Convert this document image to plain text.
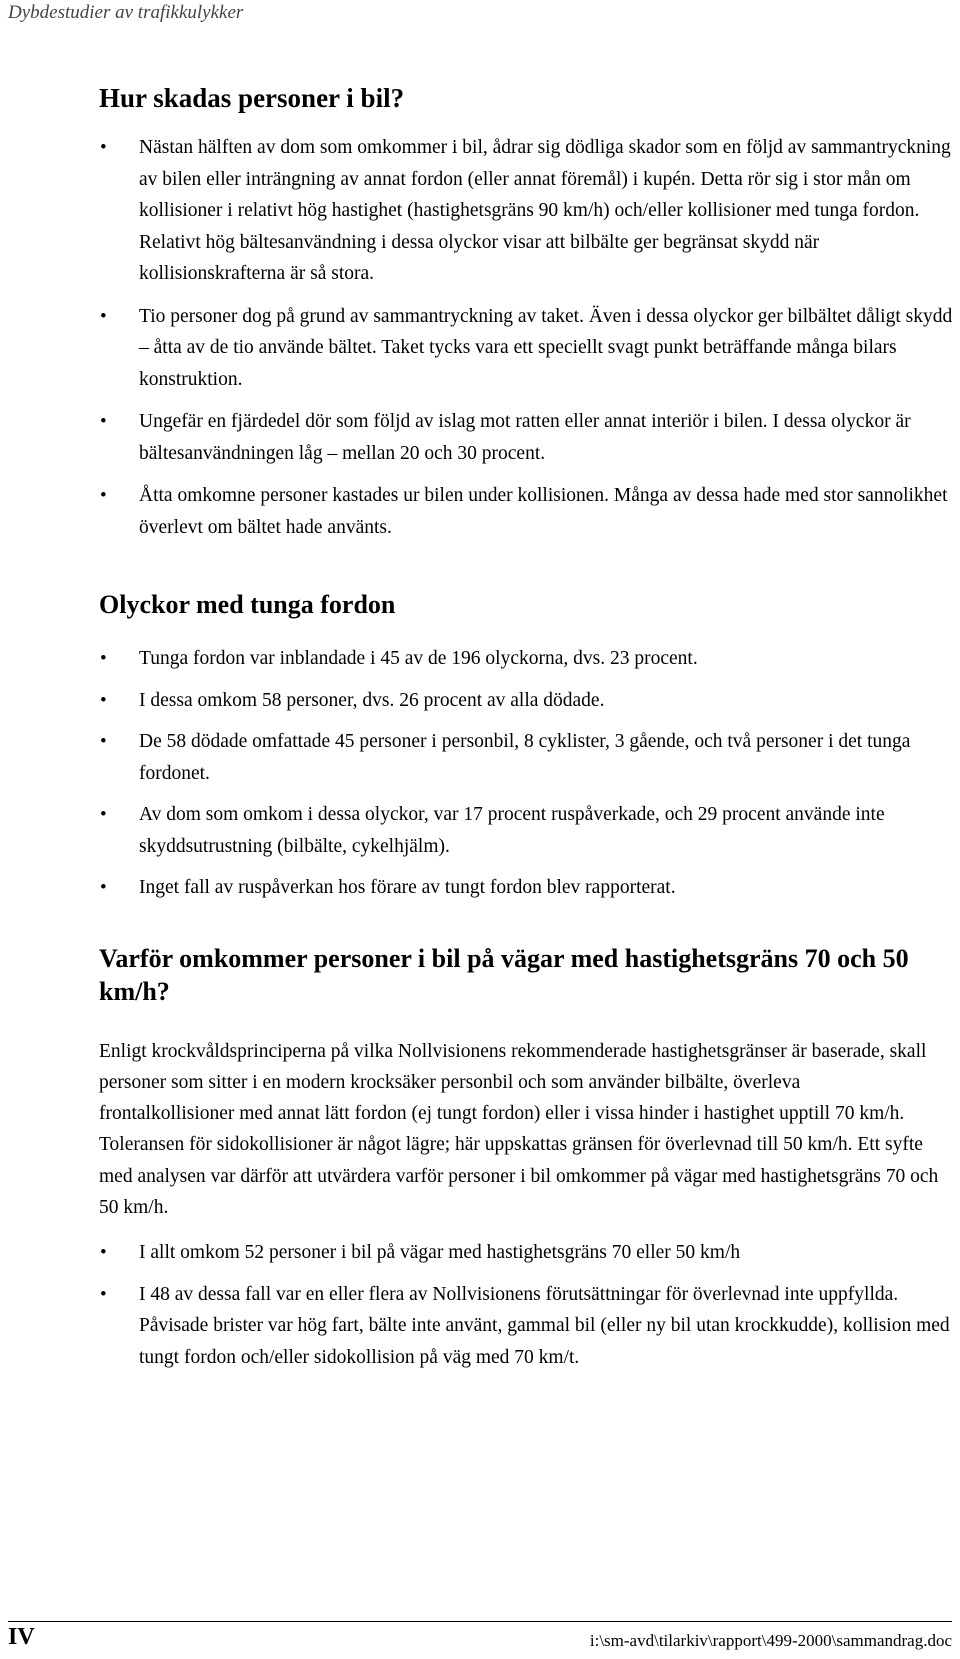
Dybdestudier av trafikkulykker
Hur skadas personer i bil?
• Nästan hälften av dom som omkommer i bil, ådrar sig dödliga skador som en följd av sammantryckning av bilen eller inträngning av annat fordon (eller annat föremål) i kupén. Detta rör sig i stor mån om kollisioner i relativt hög hastighet (hastighetsgräns 90 km/h) och/eller kollisioner med tunga fordon. Relativt hög bältesanvändning i dessa olyckor visar att bilbälte ger begränsat skydd när kollisionskrafterna är så stora.
• Tio personer dog på grund av sammantryckning av taket. Även i dessa olyckor ger bilbältet dåligt skydd – åtta av de tio använde bältet. Taket tycks vara ett speciellt svagt punkt beträffande många bilars konstruktion.
• Ungefär en fjärdedel dör som följd av islag mot ratten eller annat interiör i bilen. I dessa olyckor är bältesanvändningen låg – mellan 20 och 30 procent.
• Åtta omkomne personer kastades ur bilen under kollisionen. Många av dessa hade med stor sannolikhet överlevt om bältet hade använts.
Olyckor med tunga fordon
• Tunga fordon var inblandade i 45 av de 196 olyckorna, dvs. 23 procent.
• I dessa omkom 58 personer, dvs. 26 procent av alla dödade.
• De 58 dödade omfattade 45 personer i personbil, 8 cyklister, 3 gående, och två personer i det tunga fordonet.
• Av dom som omkom i dessa olyckor, var 17 procent ruspåverkade, och 29 procent använde inte skyddsutrustning (bilbälte, cykelhjälm).
• Inget fall av ruspåverkan hos förare av tungt fordon blev rapporterat.
Varför omkommer personer i bil på vägar med hastighetsgräns 70 och 50 km/h?

Enligt krockvåldsprinciperna på vilka Nollvisionens rekommenderade hastighetsgränser är baserade, skall personer som sitter i en modern krocksäker personbil och som använder bilbälte, överleva frontalkollisioner med annat lätt fordon (ej tungt fordon) eller i vissa hinder i hastighet upptill 70 km/h. Toleransen för sidokollisioner är något lägre; här uppskattas gränsen för överlevnad till 50 km/h. Ett syfte med analysen var därför att utvärdera varför personer i bil omkommer på vägar med hastighetsgräns 70 och 50 km/h.

• I allt omkom 52 personer i bil på vägar med hastighetsgräns 70 eller 50 km/h
• I 48 av dessa fall var en eller flera av Nollvisionens förutsättningar för överlevnad inte uppfyllda. Påvisade brister var hög fart, bälte inte använt, gammal bil (eller ny bil utan krockkudde), kollision med tungt fordon och/eller sidokollision på väg med 70 km/t.
IV	i:\sm-avd\tilarkiv\rapport\499-2000\sammandrag.doc
